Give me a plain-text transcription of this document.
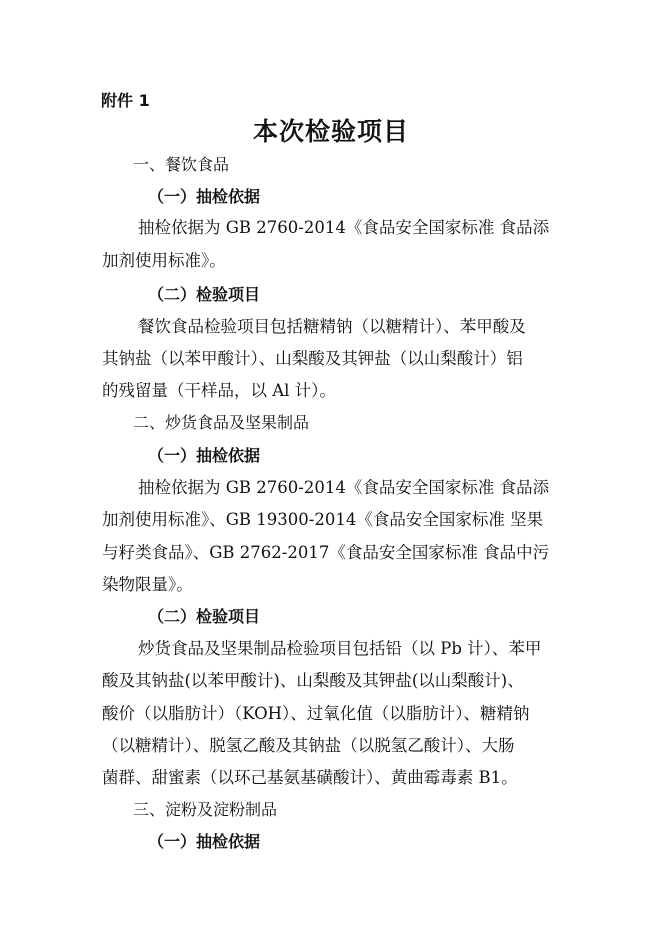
附件 1
本次检验项目
一、餐饮食品
（一）抽检依据
抽检依据为 GB 2760-2014《食品安全国家标准 食品添
加剂使用标准》。
（二）检验项目
餐饮食品检验项目包括糖精钠（以糖精计）、苯甲酸及
其钠盐（以苯甲酸计）、山梨酸及其钾盐（以山梨酸计）铝
的残留量（干样品，以 Al 计）。
二、炒货食品及坚果制品
（一）抽检依据
抽检依据为 GB 2760-2014《食品安全国家标准 食品添
加剂使用标准》、GB 19300-2014《食品安全国家标准 坚果
与籽类食品》、GB 2762-2017《食品安全国家标准 食品中污
染物限量》。
（二）检验项目
炒货食品及坚果制品检验项目包括铅（以 Pb 计）、苯甲
酸及其钠盐(以苯甲酸计)、山梨酸及其钾盐(以山梨酸计)、
酸价（以脂肪计）（KOH）、过氧化值（以脂肪计）、糖精钠
（以糖精计）、脱氢乙酸及其钠盐（以脱氢乙酸计）、大肠
菌群、甜蜜素（以环己基氨基磺酸计）、黄曲霉毒素 B1。
三、淀粉及淀粉制品
（一）抽检依据
